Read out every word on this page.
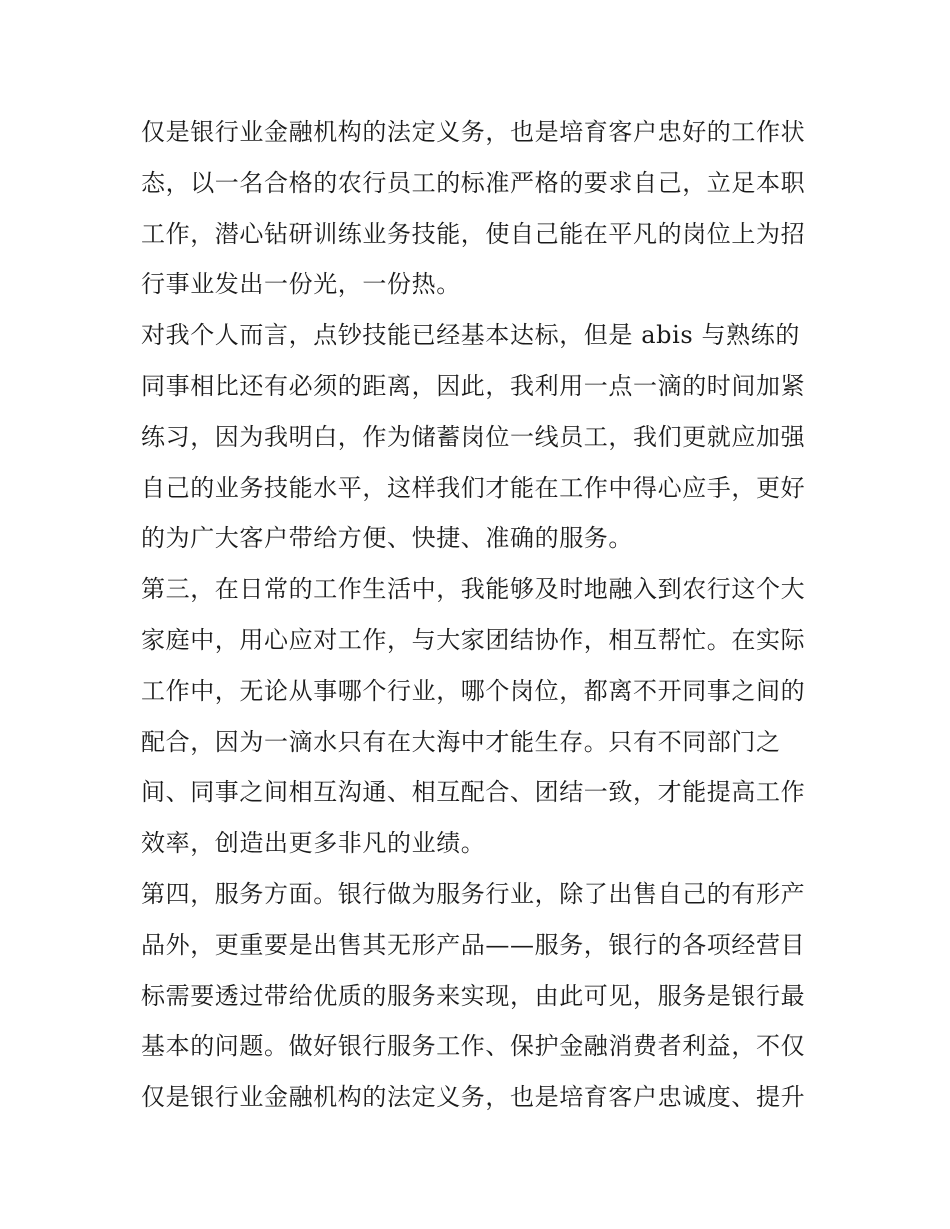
仅是银行业金融机构的法定义务，也是培育客户忠好的工作状
态，以一名合格的农行员工的标准严格的要求自己，立足本职
工作，潜心钻研训练业务技能，使自己能在平凡的岗位上为招
行事业发出一份光，一份热。
对我个人而言，点钞技能已经基本达标，但是 abis 与熟练的
同事相比还有必须的距离，因此，我利用一点一滴的时间加紧
练习，因为我明白，作为储蓄岗位一线员工，我们更就应加强
自己的业务技能水平，这样我们才能在工作中得心应手，更好
的为广大客户带给方便、快捷、准确的服务。
第三，在日常的工作生活中，我能够及时地融入到农行这个大
家庭中，用心应对工作，与大家团结协作，相互帮忙。在实际
工作中，无论从事哪个行业，哪个岗位，都离不开同事之间的
配合，因为一滴水只有在大海中才能生存。只有不同部门之
间、同事之间相互沟通、相互配合、团结一致，才能提高工作
效率，创造出更多非凡的业绩。
第四，服务方面。银行做为服务行业，除了出售自己的有形产
品外，更重要是出售其无形产品——服务，银行的各项经营目
标需要透过带给优质的服务来实现，由此可见，服务是银行最
基本的问题。做好银行服务工作、保护金融消费者利益，不仅
仅是银行业金融机构的法定义务，也是培育客户忠诚度、提升
